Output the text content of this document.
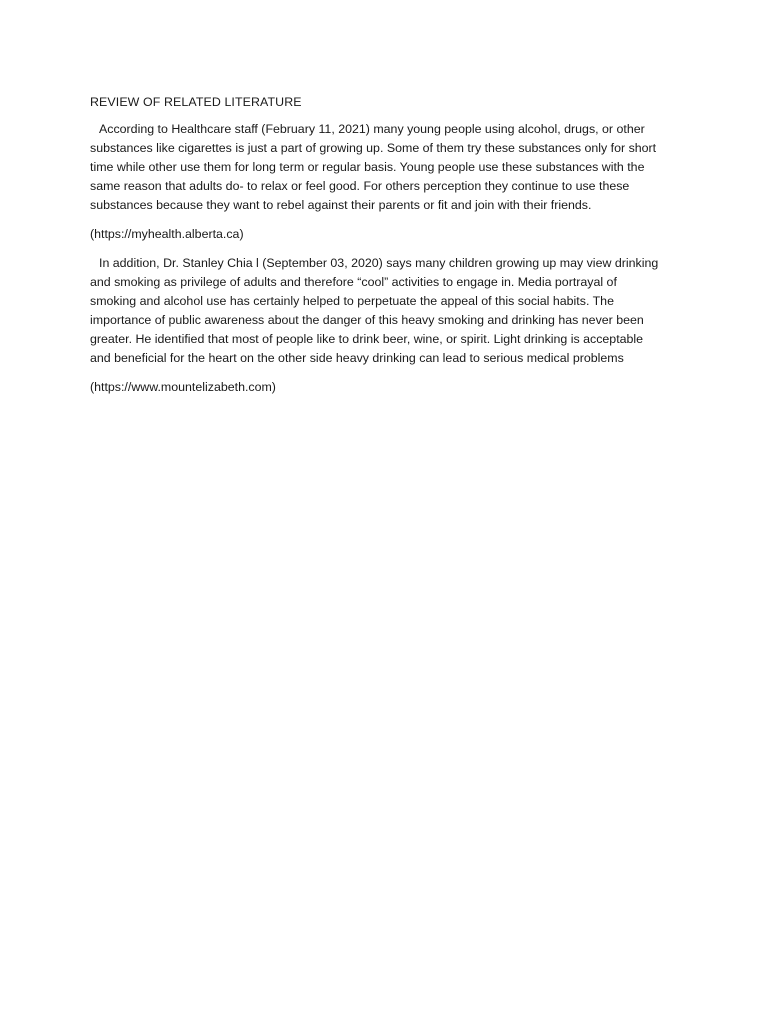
REVIEW OF RELATED LITERATURE
According to Healthcare staff (February 11, 2021) many young people using alcohol, drugs, or other
substances like cigarettes is just a part of growing up. Some of them try these substances only for short
time while other use them for long term or regular basis. Young people use these substances with the
same reason that adults do- to relax or feel good. For others perception they continue to use these
substances because they want to rebel against their parents or fit and join with their friends.
(https://myhealth.alberta.ca)
In addition, Dr. Stanley Chia l (September 03, 2020) says many children growing up may view drinking
and smoking as privilege of adults and therefore “cool” activities to engage in. Media portrayal of
smoking and alcohol use has certainly helped to perpetuate the appeal of this social habits. The
importance of public awareness about the danger of this heavy smoking and drinking has never been
greater. He identified that most of people like to drink beer, wine, or spirit. Light drinking is acceptable
and beneficial for the heart on the other side heavy drinking can lead to serious medical problems
(https://www.mountelizabeth.com)
